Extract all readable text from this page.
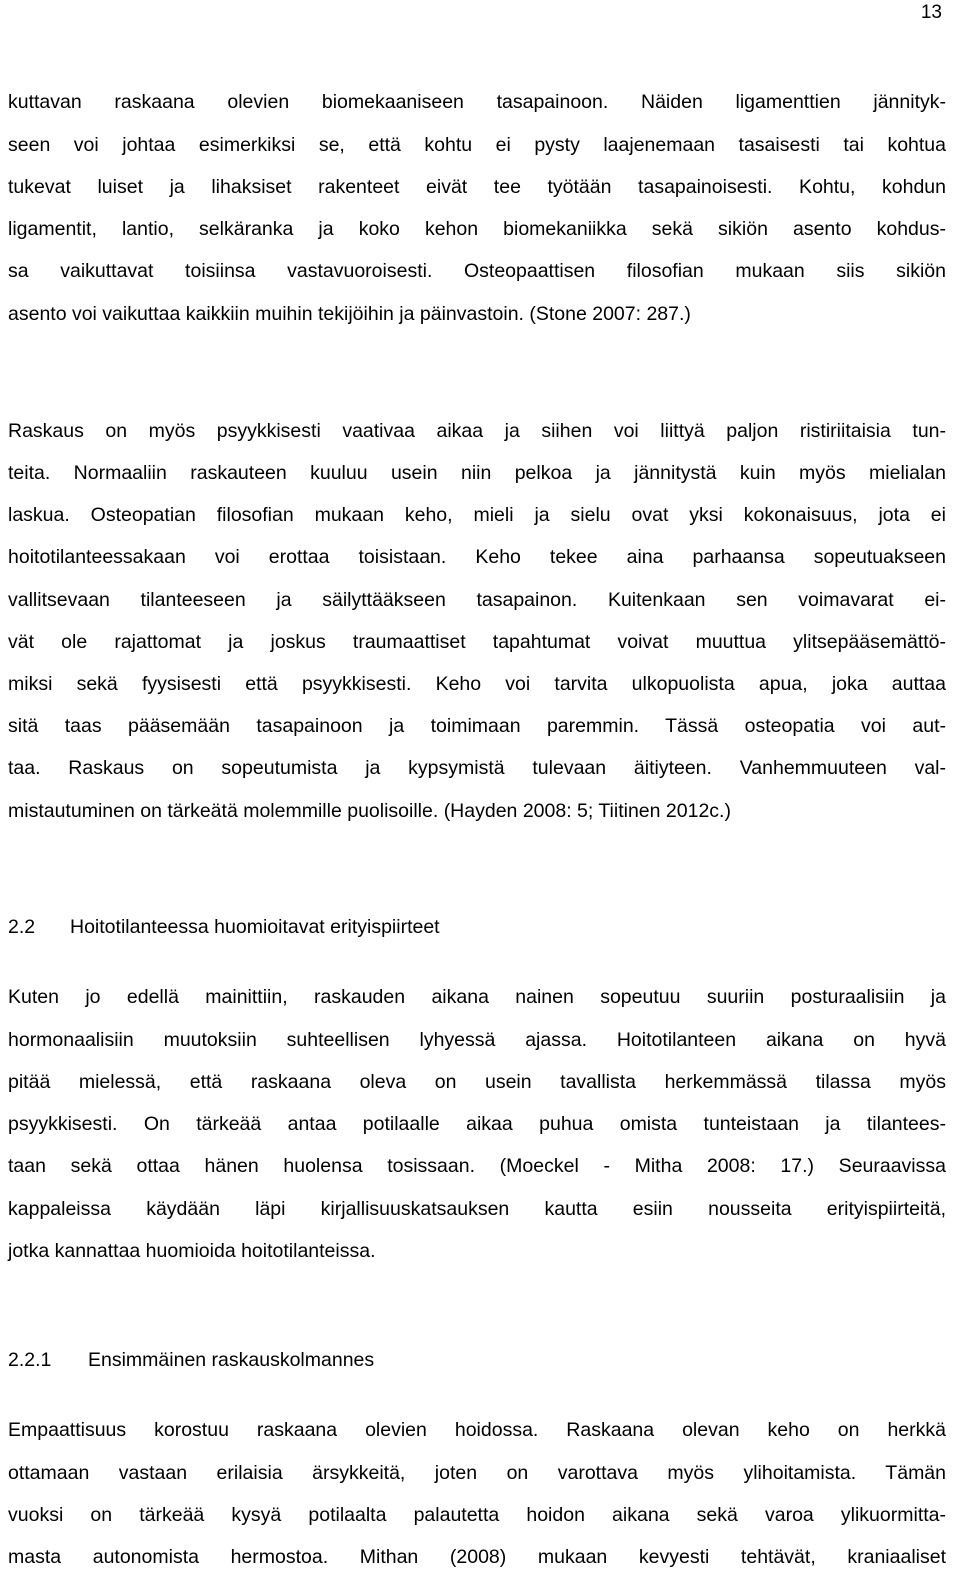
13
kuttavan raskaana olevien biomekaaniseen tasapainoon. Näiden ligamenttien jännityk-
seen voi johtaa esimerkiksi se, että kohtu ei pysty laajenemaan tasaisesti tai kohtua
tukevat luiset ja lihaksiset rakenteet eivät tee työtään tasapainoisesti. Kohtu, kohdun
ligamentit, lantio, selkäranka ja koko kehon biomekaniikka sekä sikiön asento kohdus-
sa vaikuttavat toisiinsa vastavuoroisesti. Osteopaattisen filosofian mukaan siis sikiön
asento voi vaikuttaa kaikkiin muihin tekijöihin ja päinvastoin. (Stone 2007: 287.)
Raskaus on myös psyykkisesti vaativaa aikaa ja siihen voi liittyä paljon ristiriitaisia tun-
teita. Normaaliin raskauteen kuuluu usein niin pelkoa ja jännitystä kuin myös mielialan
laskua. Osteopatian filosofian mukaan keho, mieli ja sielu ovat yksi kokonaisuus, jota ei
hoitotilanteessakaan voi erottaa toisistaan. Keho tekee aina parhaansa sopeutuakseen
vallitsevaan tilanteeseen ja säilyttääkseen tasapainon. Kuitenkaan sen voimavarat ei-
vät ole rajattomat ja joskus traumaattiset tapahtumat voivat muuttua ylitsepääsemättö-
miksi sekä fyysisesti että psyykkisesti. Keho voi tarvita ulkopuolista apua, joka auttaa
sitä taas pääsemään tasapainoon ja toimimaan paremmin. Tässä osteopatia voi aut-
taa. Raskaus on sopeutumista ja kypsymistä tulevaan äitiyteen. Vanhemmuuteen val-
mistautuminen on tärkeätä molemmille puolisoille. (Hayden 2008: 5; Tiitinen 2012c.)
2.2 Hoitotilanteessa huomioitavat erityispiirteet
Kuten jo edellä mainittiin, raskauden aikana nainen sopeutuu suuriin posturaalisiin ja
hormonaalisiin muutoksiin suhteellisen lyhyessä ajassa. Hoitotilanteen aikana on hyvä
pitää mielessä, että raskaana oleva on usein tavallista herkemmässä tilassa myös
psyykkisesti. On tärkeää antaa potilaalle aikaa puhua omista tunteistaan ja tilantees-
taan sekä ottaa hänen huolensa tosissaan. (Moeckel - Mitha 2008: 17.) Seuraavissa
kappaleissa käydään läpi kirjallisuuskatsauksen kautta esiin nousseita erityispiirteitä,
jotka kannattaa huomioida hoitotilanteissa.
2.2.1 Ensimmäinen raskauskolmannes
Empaattisuus korostuu raskaana olevien hoidossa. Raskaana olevan keho on herkkä
ottamaan vastaan erilaisia ärsykkeitä, joten on varottava myös ylihoitamista. Tämän
vuoksi on tärkeää kysyä potilaalta palautetta hoidon aikana sekä varoa ylikuormitta-
masta autonomista hermostoa. Mithan (2008) mukaan kevyesti tehtävät, kraniaaliset
